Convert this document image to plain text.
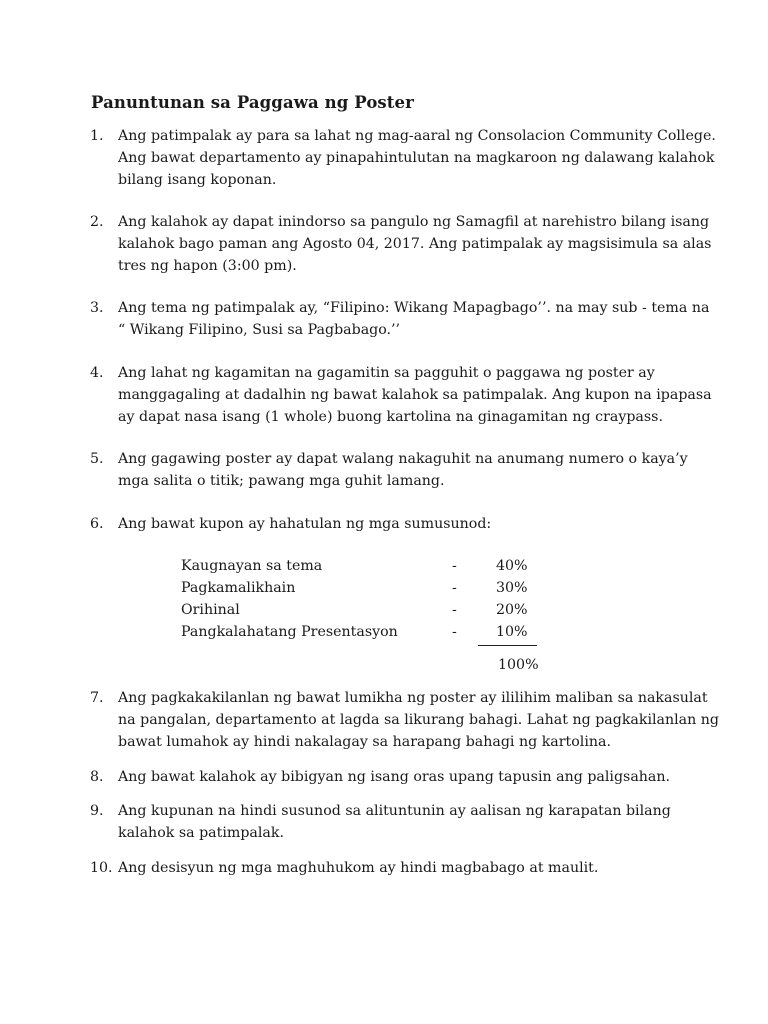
Panuntunan sa Paggawa ng Poster
1. Ang patimpalak ay para sa lahat ng mag-aaral ng Consolacion Community College.
Ang bawat departamento ay pinapahintulutan na magkaroon ng dalawang kalahok
bilang isang koponan.
2. Ang kalahok ay dapat inindorso sa pangulo ng Samagfil at narehistro bilang isang
kalahok bago paman ang Agosto 04, 2017. Ang patimpalak ay magsisimula sa alas
tres ng hapon (3:00 pm).
3. Ang tema ng patimpalak ay, “Filipino: Wikang Mapagbago’’. na may sub - tema na
“ Wikang Filipino, Susi sa Pagbabago.’’
4. Ang lahat ng kagamitan na gagamitin sa pagguhit o paggawa ng poster ay
manggagaling at dadalhin ng bawat kalahok sa patimpalak. Ang kupon na ipapasa
ay dapat nasa isang (1 whole) buong kartolina na ginagamitan ng craypass.
5. Ang gagawing poster ay dapat walang nakaguhit na anumang numero o kaya’y
mga salita o titik; pawang mga guhit lamang.
6. Ang bawat kupon ay hahatulan ng mga sumusunod:
Kaugnayan sa tema	-	40%
Pagkamalikhain	-	30%
Orihinal	-	20%
Pangkalahatang Presentasyon	-	10%
100%
7. Ang pagkakakilanlan ng bawat lumikha ng poster ay ililihim maliban sa nakasulat
na pangalan, departamento at lagda sa likurang bahagi. Lahat ng pagkakilanlan ng
bawat lumahok ay hindi nakalagay sa harapang bahagi ng kartolina.
8. Ang bawat kalahok ay bibigyan ng isang oras upang tapusin ang paligsahan.
9. Ang kupunan na hindi susunod sa alituntunin ay aalisan ng karapatan bilang
kalahok sa patimpalak.
10. Ang desisyun ng mga maghuhukom ay hindi magbabago at maulit.
